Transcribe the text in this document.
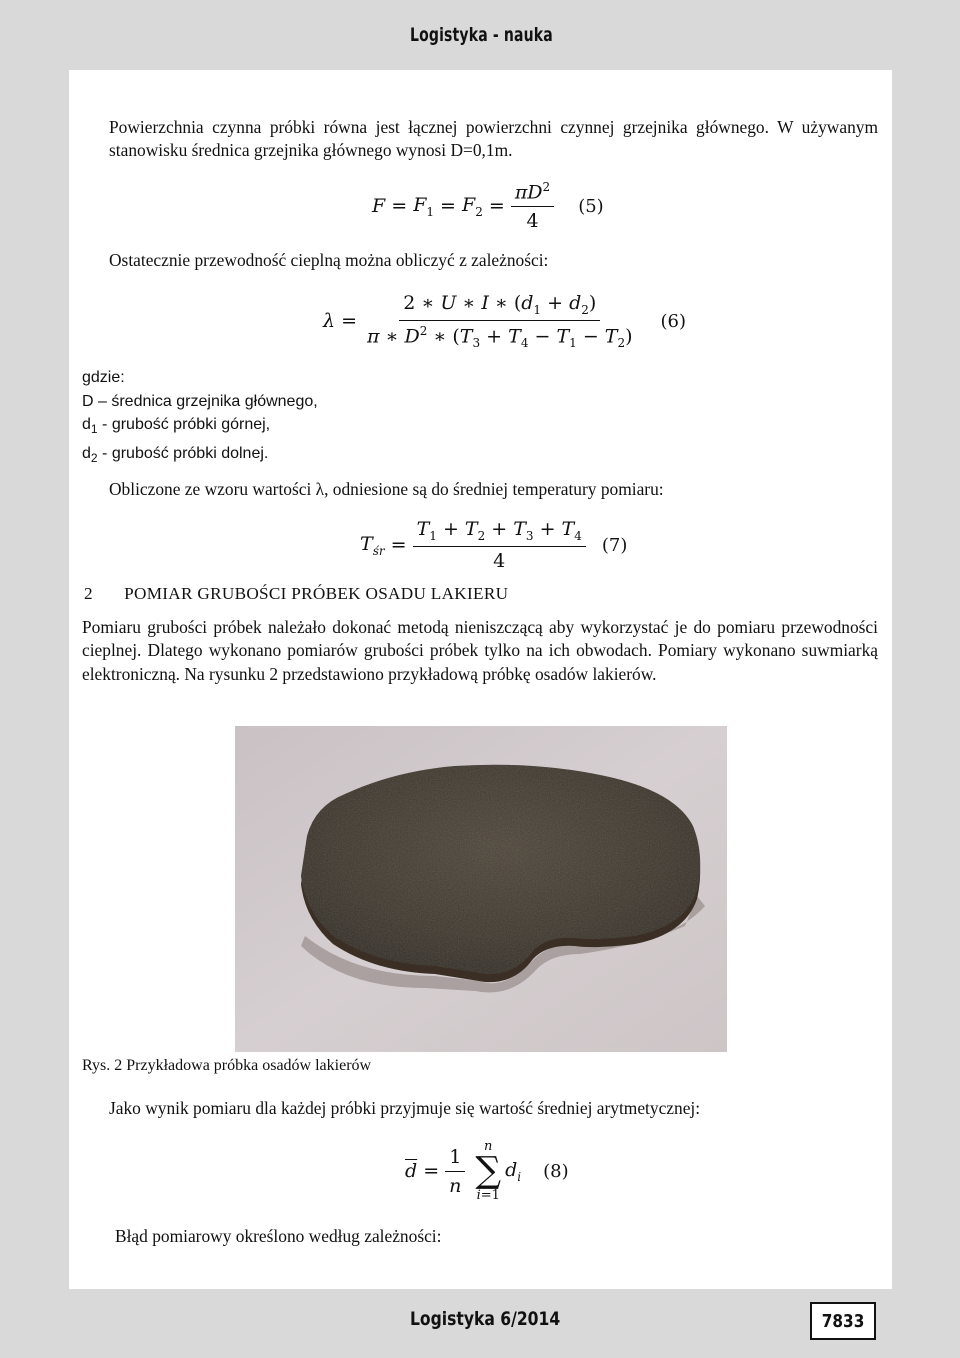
Logistyka - nauka
Powierzchnia czynna próbki równa jest łącznej powierzchni czynnej grzejnika głównego. W używanym stanowisku średnica grzejnika głównego wynosi D=0,1m.
$F = F_1 = F_2 = \frac{\pi D^2}{4} (5)$
Ostatecznie przewodność cieplną można obliczyć z zależności:
$\lambda = \frac{2 ∗ U ∗ I ∗ (d_1 + d_2)}{\pi ∗ D^2 ∗ (T_3 + T_4 - T_1 - T_2)} (6)$
gdzie:
D – średnica grzejnika głównego,
$d_1$ - grubość próbki górnej,
$d_2$ - grubość próbki dolnej.
Obliczone ze wzoru wartości λ, odniesione są do średniej temperatury pomiaru:
$T_{śr} = \frac{T_1 + T_2 + T_3 + T_4}{4} (7)$
2 POMIAR GRUBOŚCI PRÓBEK OSADU LAKIERU
Pomiaru grubości próbek należało dokonać metodą nieniszczącą aby wykorzystać je do pomiaru przewodności cieplnej. Dlatego wykonano pomiarów grubości próbek tylko na ich obwodach. Pomiary wykonano suwmiarką elektroniczną. Na rysunku 2 przedstawiono przykładową próbkę osadów lakierów.
Rys. 2 Przykładowa próbka osadów lakierów
Jako wynik pomiaru dla każdej próbki przyjmuje się wartość średniej arytmetycznej:
$\overline{d} = \frac{1}{n}$ n
∑
i=1
$d_i$ (8)
Błąd pomiarowy określono według zależności:
Logistyka 6/2014	7833
